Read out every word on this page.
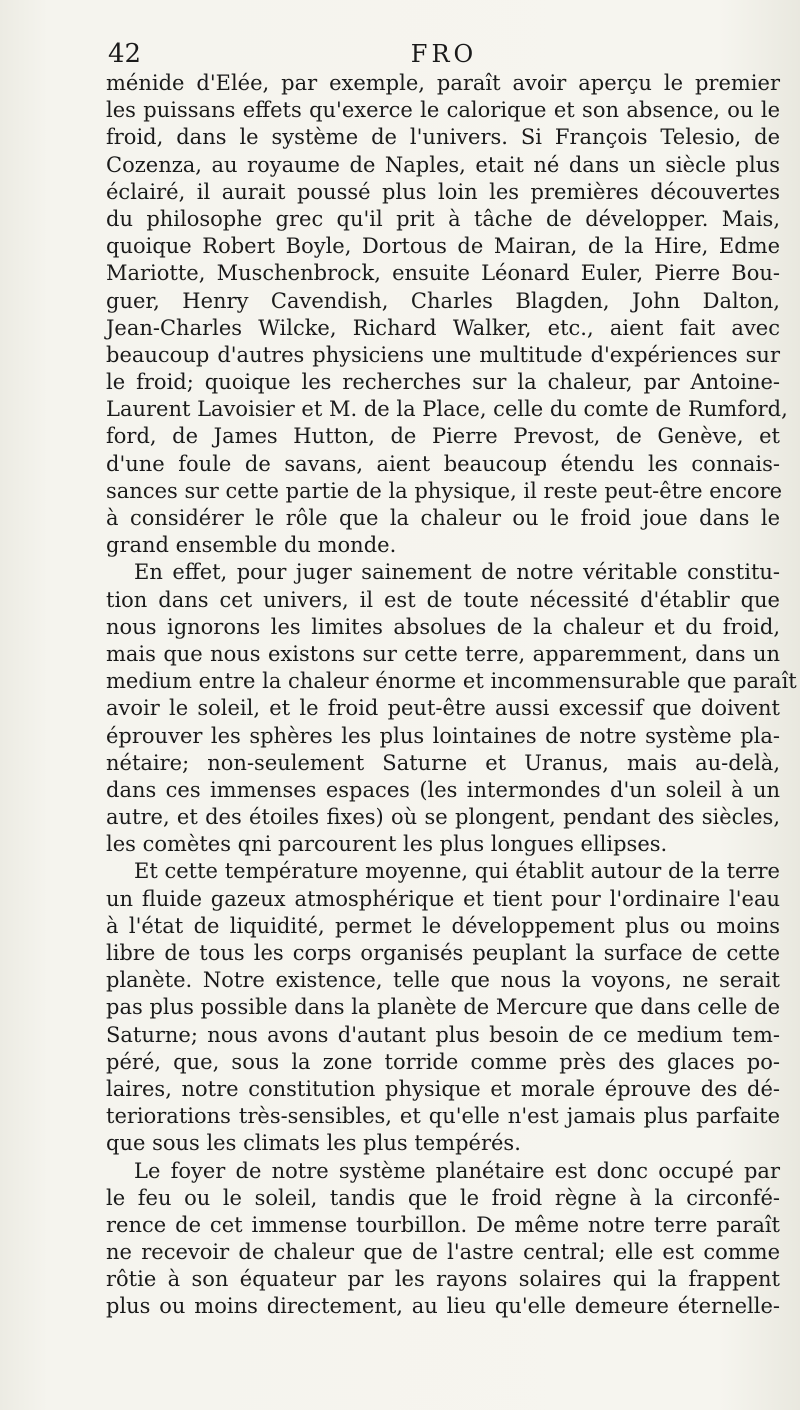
42	FRO
ménide d'Elée, par exemple, paraît avoir aperçu le premier
les puissans effets qu'exerce le calorique et son absence, ou le
froid, dans le système de l'univers. Si François Telesio, de
Cozenza, au royaume de Naples, etait né dans un siècle plus
éclairé, il aurait poussé plus loin les premières découvertes
du philosophe grec qu'il prit à tâche de développer. Mais,
quoique Robert Boyle, Dortous de Mairan, de la Hire, Edme
Mariotte, Muschenbrock, ensuite Léonard Euler, Pierre Bou-
guer, Henry Cavendish, Charles Blagden, John Dalton,
Jean-Charles Wilcke, Richard Walker, etc., aient fait avec
beaucoup d'autres physiciens une multitude d'expériences sur
le froid; quoique les recherches sur la chaleur, par Antoine-
Laurent Lavoisier et M. de la Place, celle du comte de Rumford,
ford, de James Hutton, de Pierre Prevost, de Genève, et
d'une foule de savans, aient beaucoup étendu les connais-
sances sur cette partie de la physique, il reste peut-être encore
à considérer le rôle que la chaleur ou le froid joue dans le
grand ensemble du monde.
En effet, pour juger sainement de notre véritable constitu-
tion dans cet univers, il est de toute nécessité d'établir que
nous ignorons les limites absolues de la chaleur et du froid,
mais que nous existons sur cette terre, apparemment, dans un
medium entre la chaleur énorme et incommensurable que paraît
avoir le soleil, et le froid peut-être aussi excessif que doivent
éprouver les sphères les plus lointaines de notre système pla-
nétaire; non-seulement Saturne et Uranus, mais au-delà,
dans ces immenses espaces (les intermondes d'un soleil à un
autre, et des étoiles fixes) où se plongent, pendant des siècles,
les comètes qni parcourent les plus longues ellipses.
Et cette température moyenne, qui établit autour de la terre
un fluide gazeux atmosphérique et tient pour l'ordinaire l'eau
à l'état de liquidité, permet le développement plus ou moins
libre de tous les corps organisés peuplant la surface de cette
planète. Notre existence, telle que nous la voyons, ne serait
pas plus possible dans la planète de Mercure que dans celle de
Saturne; nous avons d'autant plus besoin de ce medium tem-
péré, que, sous la zone torride comme près des glaces po-
laires, notre constitution physique et morale éprouve des dé-
teriorations très-sensibles, et qu'elle n'est jamais plus parfaite
que sous les climats les plus tempérés.
Le foyer de notre système planétaire est donc occupé par
le feu ou le soleil, tandis que le froid règne à la circonfé-
rence de cet immense tourbillon. De même notre terre paraît
ne recevoir de chaleur que de l'astre central; elle est comme
rôtie à son équateur par les rayons solaires qui la frappent
plus ou moins directement, au lieu qu'elle demeure éternelle-
